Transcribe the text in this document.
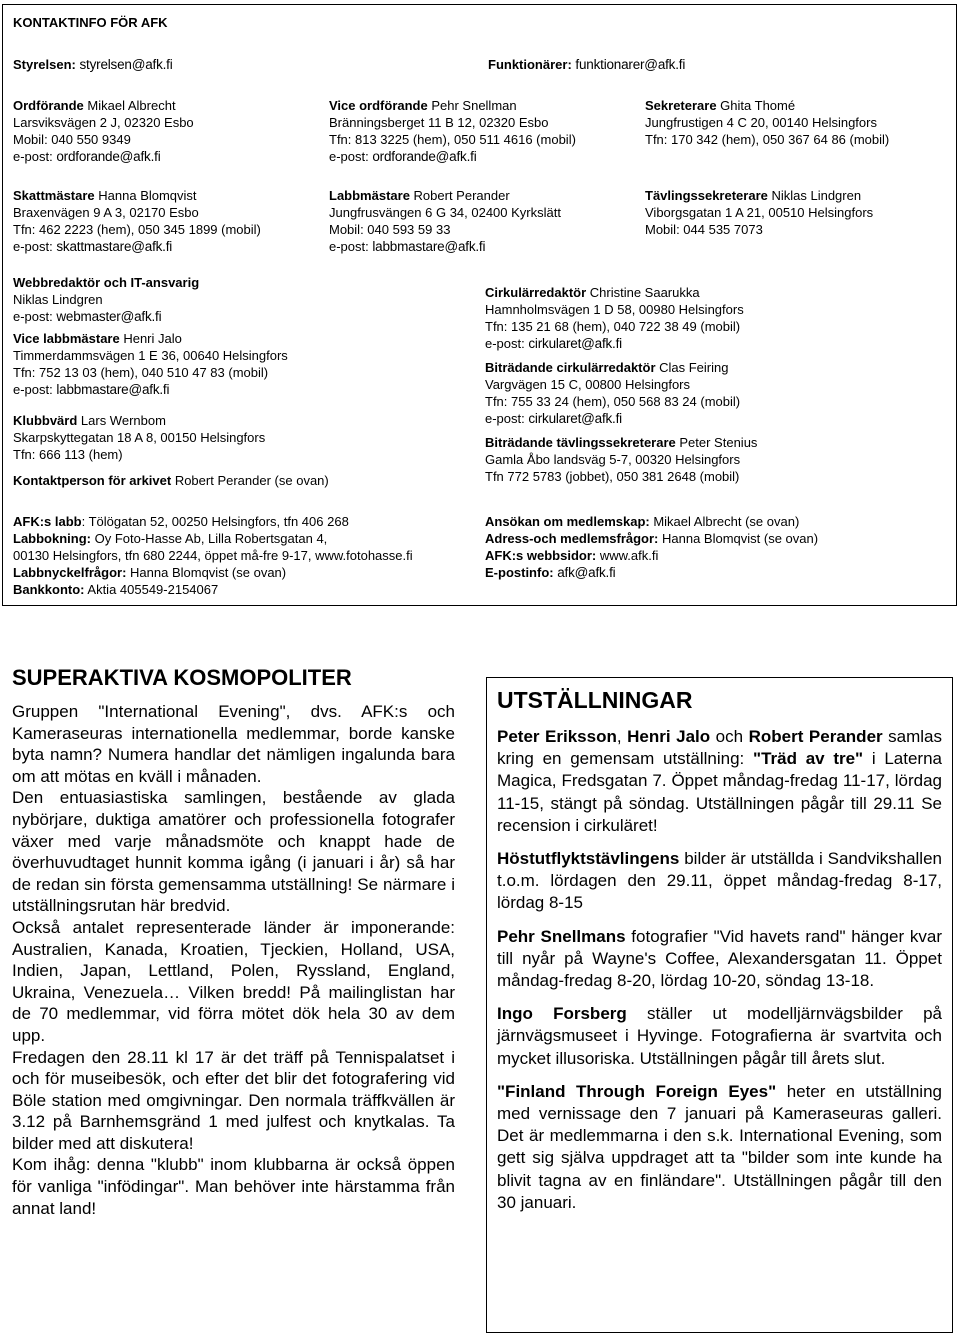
KONTAKTINFO FÖR AFK
Styrelsen: styrelsen@afk.fi	Funktionärer: funktionarer@afk.fi
Ordförande Mikael Albrecht
Larsviksvägen 2 J, 02320 Esbo
Mobil: 040 550 9349
e-post: ordforande@afk.fi
Vice ordförande Pehr Snellman
Bränningsberget 11 B 12, 02320 Esbo
Tfn: 813 3225 (hem), 050 511 4616 (mobil)
e-post: ordforande@afk.fi
Sekreterare Ghita Thomé
Jungfrustigen 4 C 20, 00140 Helsingfors
Tfn: 170 342 (hem), 050 367 64 86 (mobil)
Skattmästare Hanna Blomqvist
Braxenvägen 9 A 3, 02170 Esbo
Tfn: 462 2223 (hem), 050 345 1899 (mobil)
e-post: skattmastare@afk.fi
Labbmästare Robert Perander
Jungfrusvängen 6 G 34, 02400 Kyrkslätt
Mobil: 040 593 59 33
e-post: labbmastare@afk.fi
Tävlingssekreterare Niklas Lindgren
Viborgsgatan 1 A 21, 00510 Helsingfors
Mobil: 044 535 7073
Webbredaktör och IT-ansvarig
Niklas Lindgren
e-post: webmaster@afk.fi
Vice labbmästare Henri Jalo
Timmerdammsvägen 1 E 36, 00640 Helsingfors
Tfn: 752 13 03 (hem), 040 510 47 83 (mobil)
e-post: labbmastare@afk.fi
Klubbvärd Lars Wernbom
Skarpskyttegatan 18 A 8, 00150 Helsingfors
Tfn: 666 113 (hem)
Kontaktperson för arkivet Robert Perander (se ovan)
Cirkulärredaktör Christine Saarukka
Hamnholmsvägen 1 D 58, 00980 Helsingfors
Tfn: 135 21 68 (hem), 040 722 38 49 (mobil)
e-post: cirkularet@afk.fi
Biträdande cirkulärredaktör Clas Feiring
Vargvägen 15 C, 00800 Helsingfors
Tfn: 755 33 24 (hem), 050 568 83 24 (mobil)
e-post: cirkularet@afk.fi
Biträdande tävlingssekreterare Peter Stenius
Gamla Åbo landsväg 5-7, 00320 Helsingfors
Tfn 772 5783 (jobbet), 050 381 2648 (mobil)
AFK:s labb: Tölögatan 52, 00250 Helsingfors, tfn 406 268
Labbokning: Oy Foto-Hasse Ab, Lilla Robertsgatan 4,
00130 Helsingfors, tfn 680 2244, öppet må-fre 9-17, www.fotohasse.fi
Labbnyckelfrågor: Hanna Blomqvist (se ovan)
Bankkonto: Aktia 405549-2154067
Ansökan om medlemskap: Mikael Albrecht (se ovan)
Adress-och medlemsfrågor: Hanna Blomqvist (se ovan)
AFK:s webbsidor: www.afk.fi
E-postinfo: afk@afk.fi
SUPERAKTIVA KOSMOPOLITER

Gruppen "International Evening", dvs. AFK:s och Kameraseuras internationella medlemmar, borde kanske byta namn? Numera handlar det nämligen ingalunda bara om att mötas en kväll i månaden.

Den entuasiastiska samlingen, bestående av glada nybörjare, duktiga amatörer och professionella fotografer växer med varje månadsmöte och knappt hade de överhuvudtaget hunnit komma igång (i januari i år) så har de redan sin första gemensamma utställning! Se närmare i utställningsrutan här bredvid.

Också antalet representerade länder är imponerande: Australien, Kanada, Kroatien, Tjeckien, Holland, USA, Indien, Japan, Lettland, Polen, Ryssland, England, Ukraina, Venezuela… Vilken bredd! På mailinglistan har de 70 medlemmar, vid förra mötet dök hela 30 av dem upp.

Fredagen den 28.11 kl 17 är det träff på Tennispalatset i och för museibesök, och efter det blir det fotografering vid Böle station med omgivningar. Den normala träffkvällen är 3.12 på Barnhemsgränd 1 med julfest och knytkalas. Ta bilder med att diskutera!

Kom ihåg: denna "klubb" inom klubbarna är också öppen för vanliga "infödingar". Man behöver inte härstamma från annat land!

UTSTÄLLNINGAR

Peter Eriksson, Henri Jalo och Robert Perander samlas kring en gemensam utställning: "Träd av tre" i Laterna Magica, Fredsgatan 7. Öppet måndag-fredag 11-17, lördag 11-15, stängt på söndag. Utställningen pågår till 29.11 Se recension i cirkuläret!

Höstutflyktstävlingens bilder är utställda i Sandvikshallen t.o.m. lördagen den 29.11, öppet måndag-fredag 8-17, lördag 8-15

Pehr Snellmans fotografier "Vid havets rand" hänger kvar till nyår på Wayne's Coffee, Alexandersgatan 11. Öppet måndag-fredag 8-20, lördag 10-20, söndag 13-18.

Ingo Forsberg ställer ut modelljärnvägsbilder på järnvägsmuseet i Hyvinge. Fotografierna är svartvita och mycket illusoriska. Utställningen pågår till årets slut.

"Finland Through Foreign Eyes" heter en utställning med vernissage den 7 januari på Kameraseuras galleri. Det är medlemmarna i den s.k. International Evening, som gett sig själva uppdraget att ta "bilder som inte kunde ha blivit tagna av en finländare". Utställningen pågår till den 30 januari.
